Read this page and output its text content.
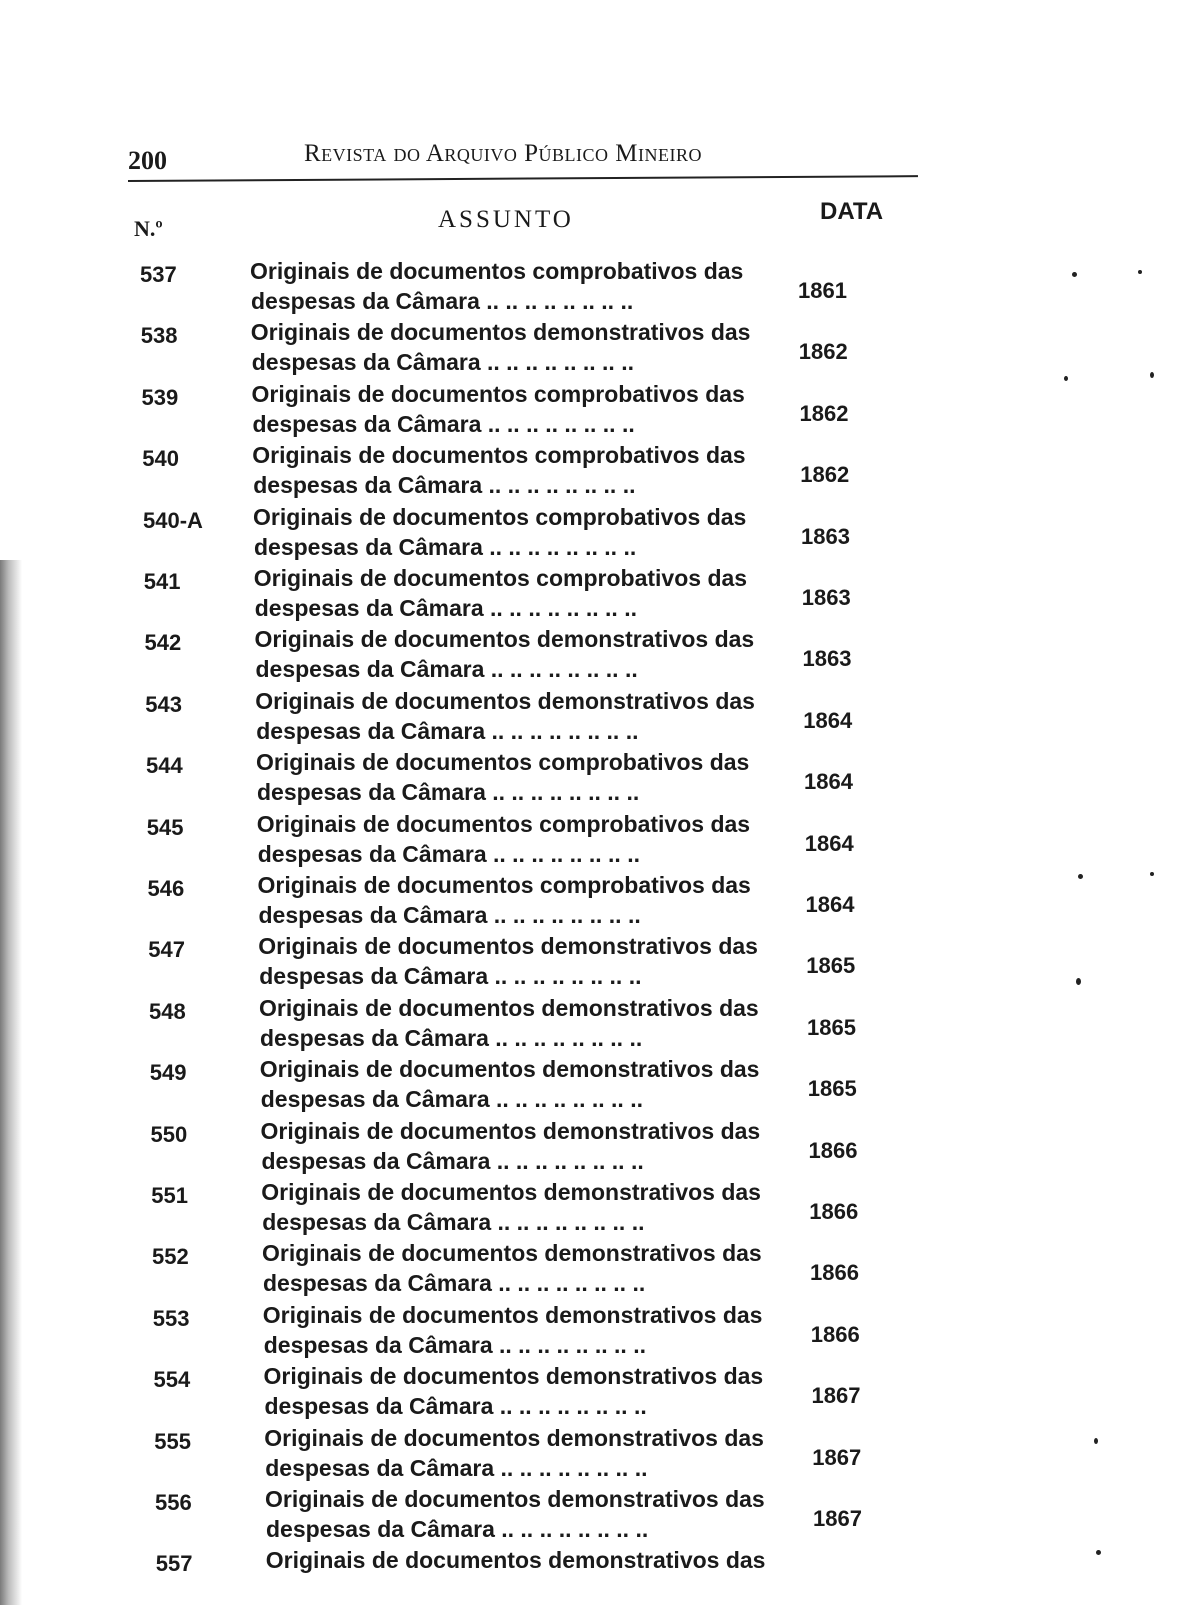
200	Revista do Arquivo Público Mineiro
N.º	ASSUNTO	DATA
537	Originais de documentos comprobativos das
despesas da Câmara .. .. .. .. .. .. .. ..	1861
538	Originais de documentos demonstrativos das
despesas da Câmara .. .. .. .. .. .. .. ..	1862
539	Originais de documentos comprobativos das
despesas da Câmara .. .. .. .. .. .. .. ..	1862
540	Originais de documentos comprobativos das
despesas da Câmara .. .. .. .. .. .. .. ..	1862
540-A Originais de documentos comprobativos das
despesas da Câmara .. .. .. .. .. .. .. ..	1863
541	Originais de documentos comprobativos das
despesas da Câmara .. .. .. .. .. .. .. ..	1863
542	Originais de documentos demonstrativos das
despesas da Câmara .. .. .. .. .. .. .. ..	1863
543	Originais de documentos demonstrativos das
despesas da Câmara .. .. .. .. .. .. .. ..	1864
544	Originais de documentos comprobativos das
despesas da Câmara .. .. .. .. .. .. .. ..	1864
545	Originais de documentos comprobativos das
despesas da Câmara .. .. .. .. .. .. .. ..	1864
546	Originais de documentos comprobativos das
despesas da Câmara .. .. .. .. .. .. .. ..	1864
547	Originais de documentos demonstrativos das
despesas da Câmara .. .. .. .. .. .. .. ..	1865
548	Originais de documentos demonstrativos das
despesas da Câmara .. .. .. .. .. .. .. ..	1865
549	Originais de documentos demonstrativos das
despesas da Câmara .. .. .. .. .. .. .. ..	1865
550	Originais de documentos demonstrativos das
despesas da Câmara .. .. .. .. .. .. .. ..	1866
551	Originais de documentos demonstrativos das
despesas da Câmara .. .. .. .. .. .. .. ..	1866
552	Originais de documentos demonstrativos das
despesas da Câmara .. .. .. .. .. .. .. ..	1866
553	Originais de documentos demonstrativos das
despesas da Câmara .. .. .. .. .. .. .. ..	1866
554	Originais de documentos demonstrativos das
despesas da Câmara .. .. .. .. .. .. .. ..	1867
555	Originais de documentos demonstrativos das
despesas da Câmara .. .. .. .. .. .. .. ..	1867
556	Originais de documentos demonstrativos das
despesas da Câmara .. .. .. .. .. .. .. ..	1867
557	Originais de documentos demonstrativos das
